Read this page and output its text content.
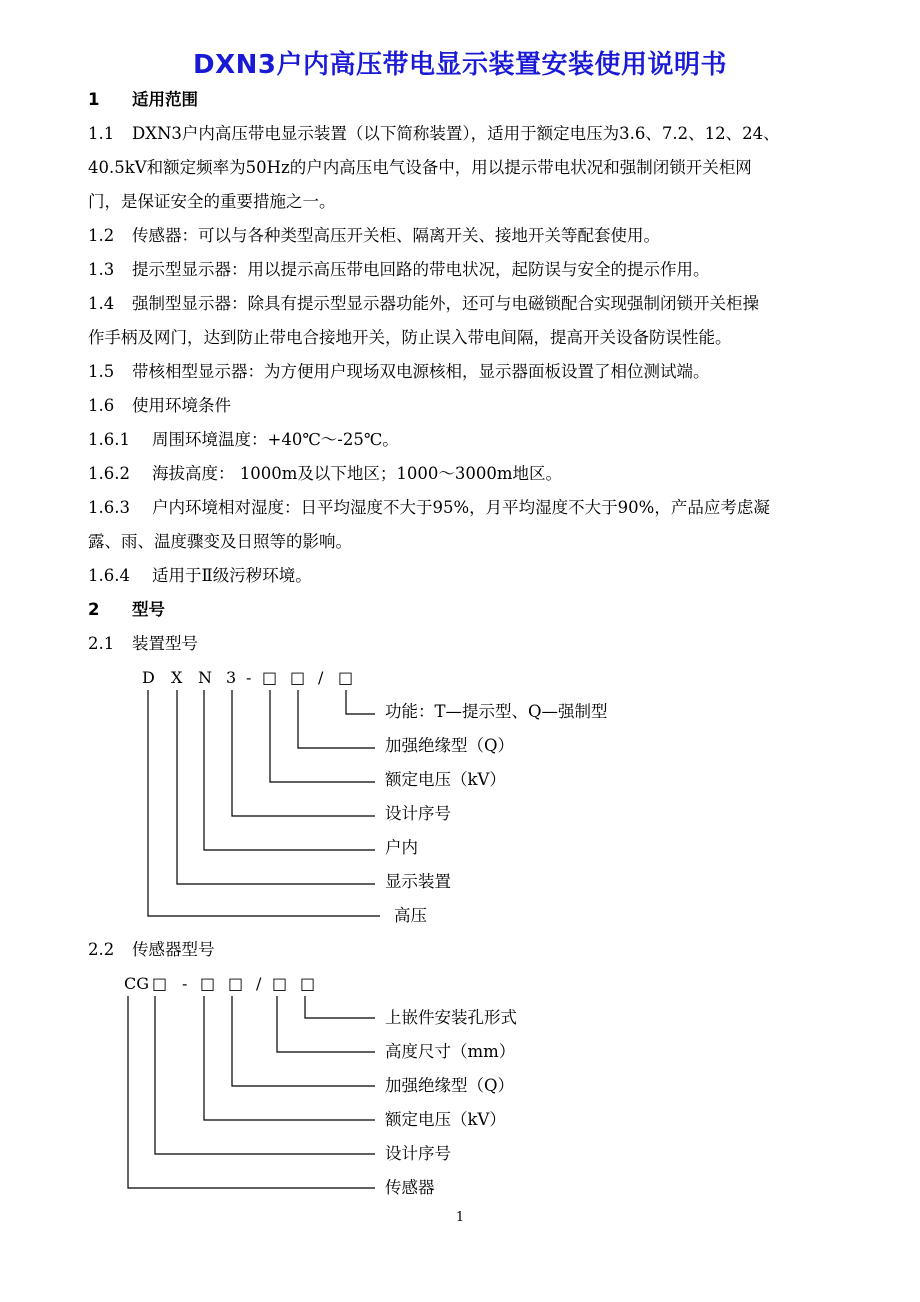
DXN3户内高压带电显示装置安装使用说明书
1 适用范围
1.1 DXN3户内高压带电显示装置（以下简称装置），适用于额定电压为3.6、7.2、12、24、
40.5kV和额定频率为50Hz的户内高压电气设备中，用以提示带电状况和强制闭锁开关柜网
门，是保证安全的重要措施之一。
1.2 传感器：可以与各种类型高压开关柜、隔离开关、接地开关等配套使用。
1.3 提示型显示器：用以提示高压带电回路的带电状况，起防误与安全的提示作用。
1.4 强制型显示器：除具有提示型显示器功能外，还可与电磁锁配合实现强制闭锁开关柜操
作手柄及网门，达到防止带电合接地开关，防止误入带电间隔，提高开关设备防误性能。
1.5 带核相型显示器：为方便用户现场双电源核相，显示器面板设置了相位测试端。
1.6 使用环境条件
1.6.1 周围环境温度：+40℃～-25℃。
1.6.2 海拔高度： 1000m及以下地区；1000～3000m地区。
1.6.3 户内环境相对湿度：日平均湿度不大于95%，月平均湿度不大于90%，产品应考虑凝
露、雨、温度骤变及日照等的影响。
1.6.4 适用于Ⅱ级污秽环境。
2 型号
2.1 装置型号
D X N 3 - □ □ / □
功能：T—提示型、Q—强制型
加强绝缘型（Q）
额定电压（kV）
设计序号
户内
显示装置
高压
2.2 传感器型号
CG □ - □ □ / □ □
上嵌件安装孔形式
高度尺寸（mm）
加强绝缘型（Q）
额定电压（kV）
设计序号
传感器
1
